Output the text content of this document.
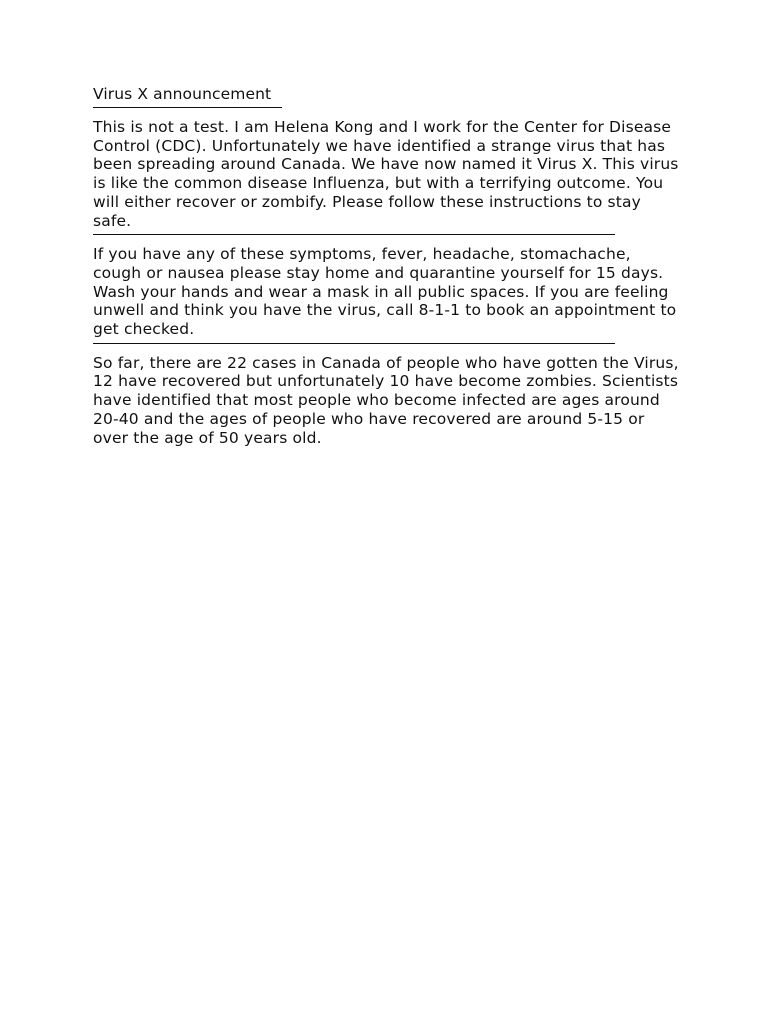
Virus X announcement

This is not a test. I am Helena Kong and I work for the Center for Disease Control (CDC). Unfortunately we have identified a strange virus that has been spreading around Canada. We have now named it Virus X. This virus is like the common disease Influenza, but with a terrifying outcome. You will either recover or zombify. Please follow these instructions to stay safe.

If you have any of these symptoms, fever, headache, stomachache, cough or nausea please stay home and quarantine yourself for 15 days. Wash your hands and wear a mask in all public spaces. If you are feeling unwell and think you have the virus, call 8-1-1 to book an appointment to get checked.

So far, there are 22 cases in Canada of people who have gotten the Virus, 12 have recovered but unfortunately 10 have become zombies. Scientists have identified that most people who become infected are ages around 20-40 and the ages of people who have recovered are around 5-15 or over the age of 50 years old.
